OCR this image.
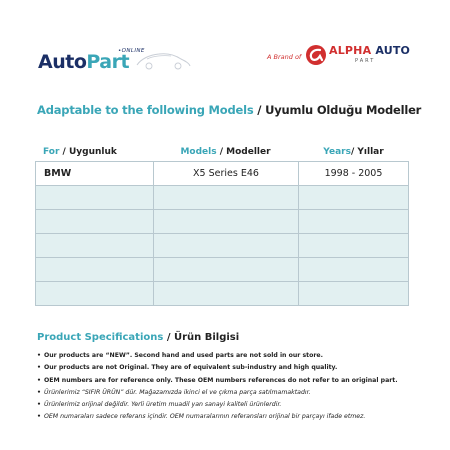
AutoPart
•ONLINE
A Brand of	ALPHA AUTO
PART
Adaptable to the following Models / Uyumlu Olduğu Modeller
For / Uygunluk	Models / Modeller	Years/ Yıllar
BMW	X5 Series E46	1998 - 2005
Product Specifications / Ürün Bilgisi
• Our products are “NEW”. Second hand and used parts are not sold in our store.
• Our products are not Original. They are of equivalent sub-industry and high quality.
• OEM numbers are for reference only. These OEM numbers references do not refer to an original part.
• Ürünlerimiz “SIFIR ÜRÜN” dür. Mağazamızda ikinci el ve çıkma parça satılmamaktadır.
• Ürünlerimiz orijinal değildir. Yerli üretim muadil yan sanayi kaliteli ürünlerdir.
• OEM numaraları sadece referans içindir. OEM numaralarının referansları orijinal bir parçayı ifade etmez.
